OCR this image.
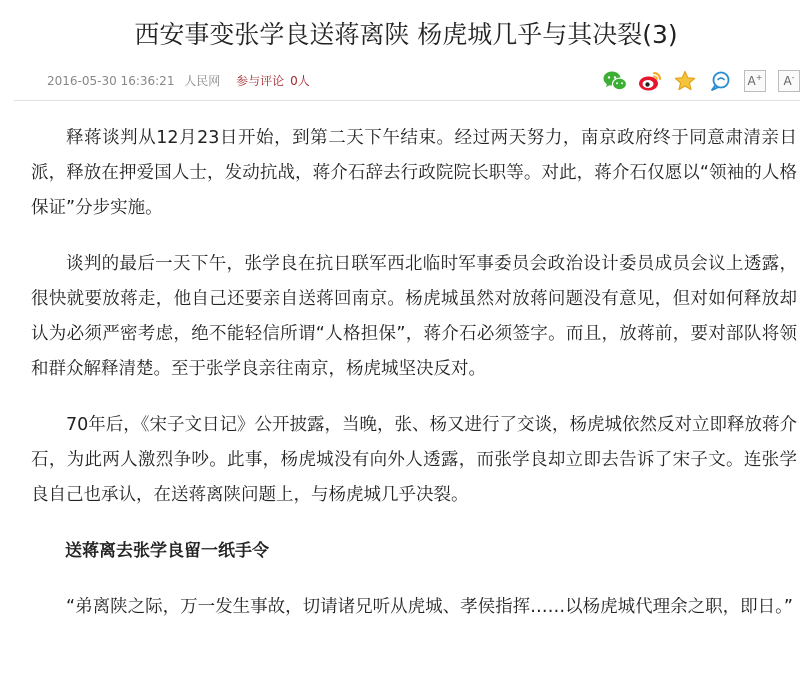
西安事变张学良送蒋离陕 杨虎城几乎与其决裂(3)
2016-05-30 16:36:21 人民网 参与评论 0人	A+ A-

释蒋谈判从12月23日开始，到第二天下午结束。经过两天努力，南京政府终于同意肃清亲日派，释放在押爱国人士，发动抗战，蒋介石辞去行政院院长职等。对此，蒋介石仅愿以“领袖的人格保证”分步实施。

谈判的最后一天下午，张学良在抗日联军西北临时军事委员会政治设计委员成员会议上透露，很快就要放蒋走，他自己还要亲自送蒋回南京。杨虎城虽然对放蒋问题没有意见，但对如何释放却认为必须严密考虑，绝不能轻信所谓“人格担保”，蒋介石必须签字。而且，放蒋前，要对部队将领和群众解释清楚。至于张学良亲往南京，杨虎城坚决反对。

70年后，《宋子文日记》公开披露，当晚，张、杨又进行了交谈，杨虎城依然反对立即释放蒋介石，为此两人激烈争吵。此事，杨虎城没有向外人透露，而张学良却立即去告诉了宋子文。连张学良自己也承认，在送蒋离陕问题上，与杨虎城几乎决裂。

送蒋离去张学良留一纸手令

“弟离陕之际，万一发生事故，切请诸兄听从虎城、孝侯指挥……以杨虎城代理余之职，即日。”
